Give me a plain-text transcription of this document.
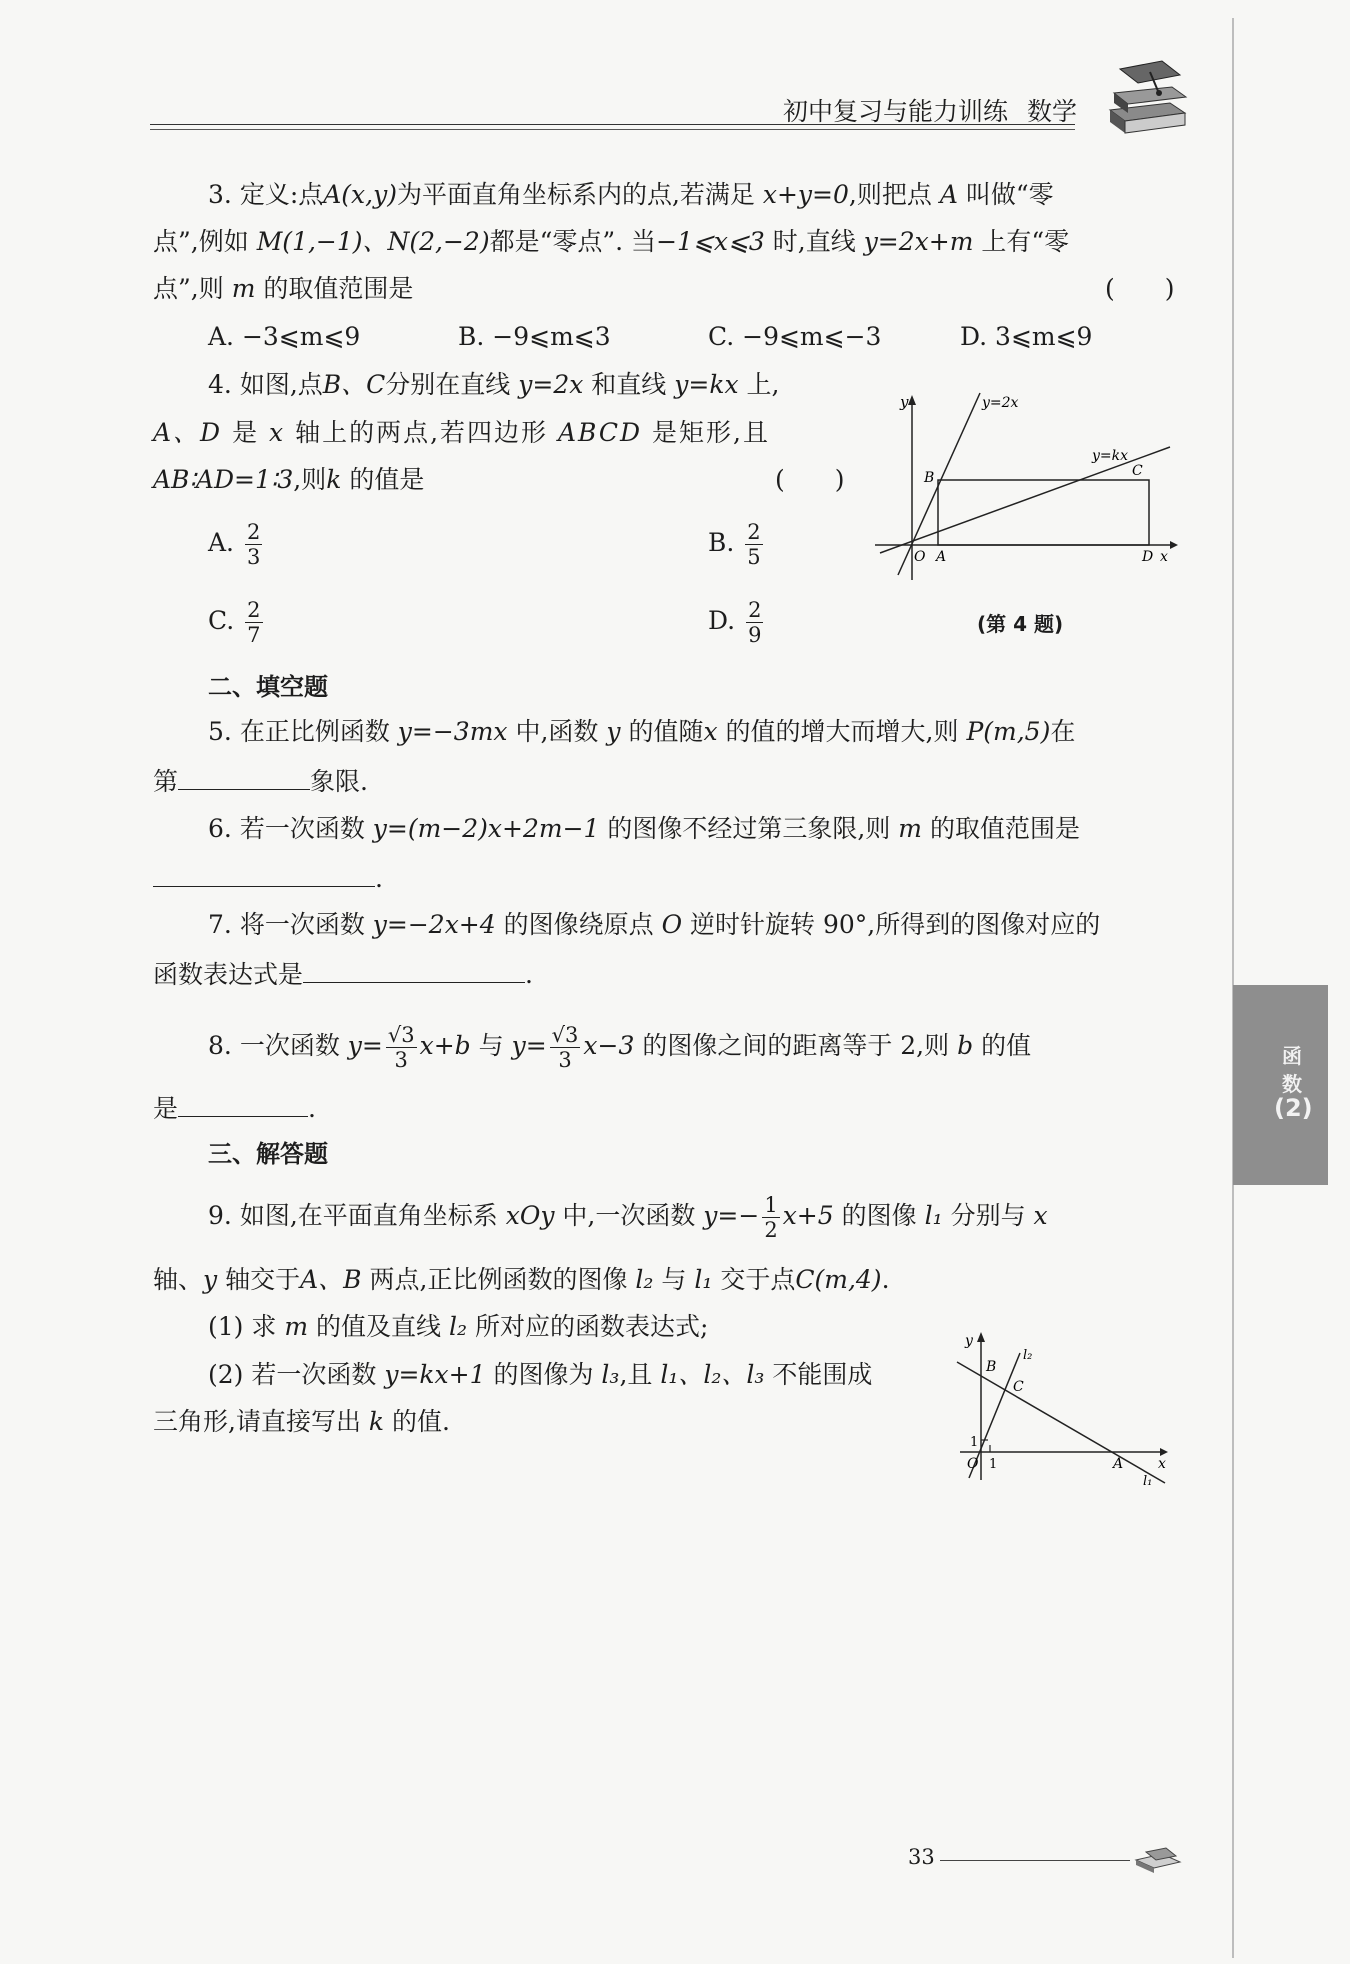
初中复习与能力训练 数学
函
数
(2)
3. 定义:点A(x,y)为平面直角坐标系内的点,若满足 x+y=0,则把点 A 叫做“零
点”,例如 M(1,−1)、N(2,−2)都是“零点”. 当−1⩽x⩽3 时,直线 y=2x+m 上有“零
点”,则 m 的取值范围是	(　　)
A. −3⩽m⩽9	B. −9⩽m⩽3	C. −9⩽m⩽−3	D. 3⩽m⩽9
4. 如图,点B、C分别在直线 y=2x 和直线 y=kx 上,
A、D 是 x 轴上的两点,若四边形 ABCD 是矩形,且
AB∶AD=1∶3,则k 的值是	(　　)
A. $\frac{2}{3}$	B. $\frac{2}{5}$
C. $\frac{2}{7}$	D. $\frac{2}{9}$
y	y=2x
y=kx
B	C
O A	D x
(第 4 题)
二、填空题
5. 在正比例函数 y=−3mx 中,函数 y 的值随x 的值的增大而增大,则 P(m,5)在
第	象限.
6. 若一次函数 y=(m−2)x+2m−1 的图像不经过第三象限,则 m 的取值范围是
.
7. 将一次函数 y=−2x+4 的图像绕原点 O 逆时针旋转 90°,所得到的图像对应的
函数表达式是	.
8. 一次函数 $y= \frac{√3}{3} x+b$ 与 $y= \frac{√3}{3} x-3$ 的图像之间的距离等于 2,则 b 的值
是	.
三、解答题
9. 如图,在平面直角坐标系 xOy 中,一次函数 $y=- \frac{1}{2} x+5$ 的图像 l₁ 分别与 x
轴、y 轴交于A、B 两点,正比例函数的图像 l₂ 与 l₁ 交于点C(m,4).
(1) 求 m 的值及直线 l₂ 所对应的函数表达式;
(2) 若一次函数 y=kx+1 的图像为 l₃,且 l₁、l₂、l₃ 不能围成
三角形,请直接写出 k 的值.
y
B
l₂
C
1
O 1	A x
l₁
33
